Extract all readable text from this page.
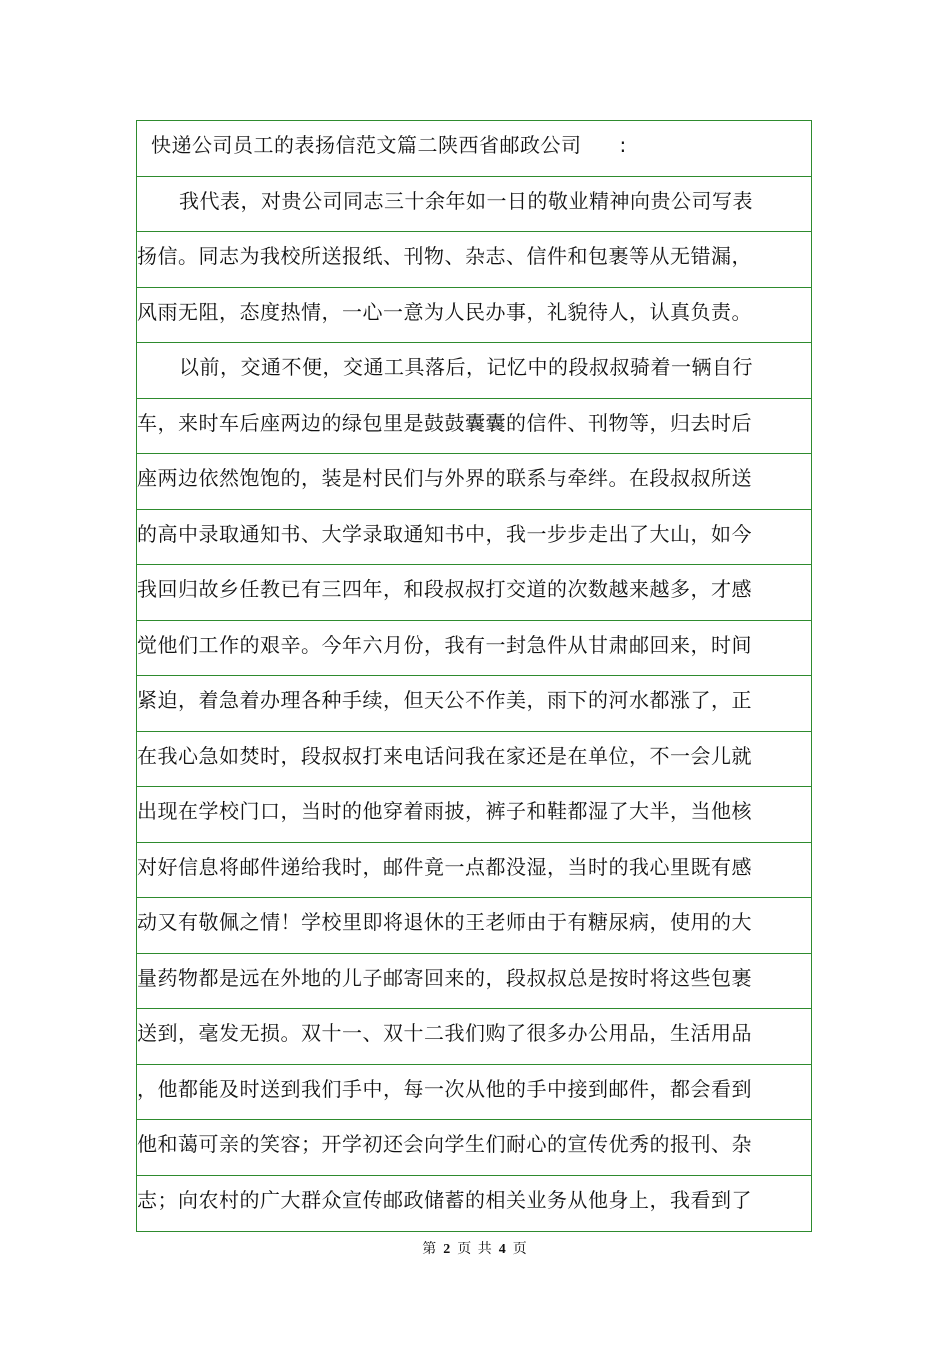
快递公司员工的表扬信范文篇二陕西省邮政公司 :
我代表，对贵公司同志三十余年如一日的敬业精神向贵公司写表
扬信。同志为我校所送报纸、刊物、杂志、信件和包裹等从无错漏，
风雨无阻，态度热情，一心一意为人民办事，礼貌待人，认真负责。
以前，交通不便，交通工具落后，记忆中的段叔叔骑着一辆自行
车，来时车后座两边的绿包里是鼓鼓囊囊的信件、刊物等，归去时后
座两边依然饱饱的，装是村民们与外界的联系与牵绊。在段叔叔所送
的高中录取通知书、大学录取通知书中，我一步步走出了大山，如今
我回归故乡任教已有三四年，和段叔叔打交道的次数越来越多，才感
觉他们工作的艰辛。今年六月份，我有一封急件从甘肃邮回来，时间
紧迫，着急着办理各种手续，但天公不作美，雨下的河水都涨了，正
在我心急如焚时，段叔叔打来电话问我在家还是在单位，不一会儿就
出现在学校门口，当时的他穿着雨披，裤子和鞋都湿了大半，当他核
对好信息将邮件递给我时，邮件竟一点都没湿，当时的我心里既有感
动又有敬佩之情！学校里即将退休的王老师由于有糖尿病，使用的大
量药物都是远在外地的儿子邮寄回来的，段叔叔总是按时将这些包裹
送到，毫发无损。双十一、双十二我们购了很多办公用品，生活用品
，他都能及时送到我们手中，每一次从他的手中接到邮件，都会看到
他和蔼可亲的笑容；开学初还会向学生们耐心的宣传优秀的报刊、杂
志；向农村的广大群众宣传邮政储蓄的相关业务从他身上，我看到了
第 2 页 共 4 页
